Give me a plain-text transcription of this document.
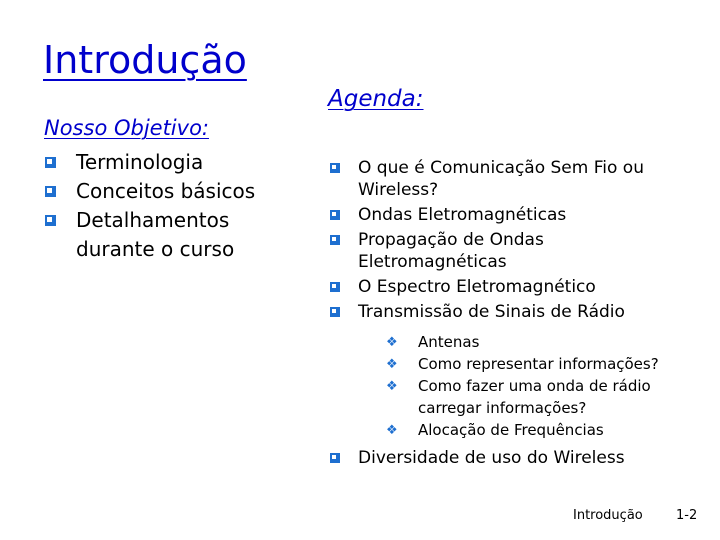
Introdução
Nosso Objetivo:
Terminologia
Conceitos básicos
Detalhamentos durante o curso
Agenda:
O que é Comunicação Sem Fio ou Wireless?
Ondas Eletromagnéticas
Propagação de Ondas Eletromagnéticas
O Espectro Eletromagnético
Transmissão de Sinais de Rádio
❖ Antenas
❖ Como representar informações?
❖ Como fazer uma onda de rádio carregar informações?
❖ Alocação de Frequências
Diversidade de uso do Wireless
Introdução	1-2
